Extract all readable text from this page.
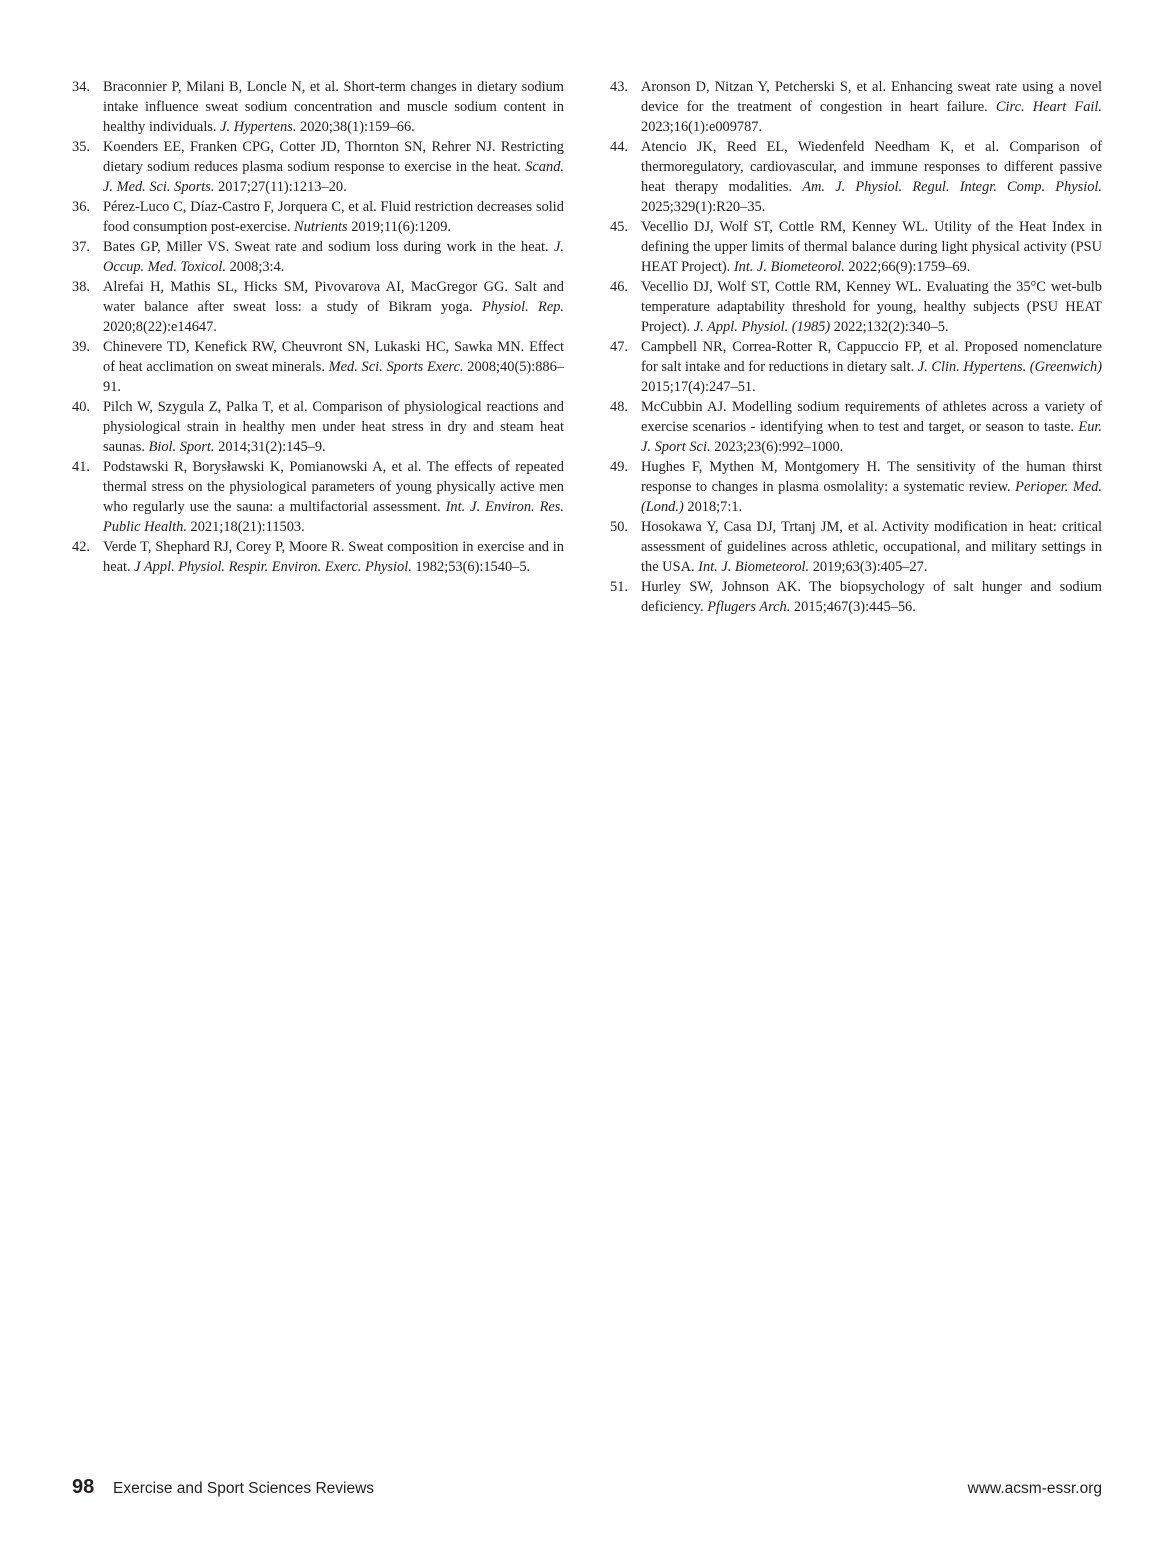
34. Braconnier P, Milani B, Loncle N, et al. Short-term changes in dietary sodium intake influence sweat sodium concentration and muscle sodium content in healthy individuals. J. Hypertens. 2020;38(1):159–66.
35. Koenders EE, Franken CPG, Cotter JD, Thornton SN, Rehrer NJ. Restricting dietary sodium reduces plasma sodium response to exercise in the heat. Scand. J. Med. Sci. Sports. 2017;27(11):1213–20.
36. Pérez-Luco C, Díaz-Castro F, Jorquera C, et al. Fluid restriction decreases solid food consumption post-exercise. Nutrients 2019;11(6):1209.
37. Bates GP, Miller VS. Sweat rate and sodium loss during work in the heat. J. Occup. Med. Toxicol. 2008;3:4.
38. Alrefai H, Mathis SL, Hicks SM, Pivovarova AI, MacGregor GG. Salt and water balance after sweat loss: a study of Bikram yoga. Physiol. Rep. 2020;8(22):e14647.
39. Chinevere TD, Kenefick RW, Cheuvront SN, Lukaski HC, Sawka MN. Effect of heat acclimation on sweat minerals. Med. Sci. Sports Exerc. 2008;40(5):886–91.
40. Pilch W, Szygula Z, Palka T, et al. Comparison of physiological reactions and physiological strain in healthy men under heat stress in dry and steam heat saunas. Biol. Sport. 2014;31(2):145–9.
41. Podstawski R, Borysławski K, Pomianowski A, et al. The effects of repeated thermal stress on the physiological parameters of young physically active men who regularly use the sauna: a multifactorial assessment. Int. J. Environ. Res. Public Health. 2021;18(21):11503.
42. Verde T, Shephard RJ, Corey P, Moore R. Sweat composition in exercise and in heat. J Appl. Physiol. Respir. Environ. Exerc. Physiol. 1982;53(6):1540–5.
43. Aronson D, Nitzan Y, Petcherski S, et al. Enhancing sweat rate using a novel device for the treatment of congestion in heart failure. Circ. Heart Fail. 2023;16(1):e009787.
44. Atencio JK, Reed EL, Wiedenfeld Needham K, et al. Comparison of thermoregulatory, cardiovascular, and immune responses to different passive heat therapy modalities. Am. J. Physiol. Regul. Integr. Comp. Physiol. 2025;329(1):R20–35.
45. Vecellio DJ, Wolf ST, Cottle RM, Kenney WL. Utility of the Heat Index in defining the upper limits of thermal balance during light physical activity (PSU HEAT Project). Int. J. Biometeorol. 2022;66(9):1759–69.
46. Vecellio DJ, Wolf ST, Cottle RM, Kenney WL. Evaluating the 35°C wet-bulb temperature adaptability threshold for young, healthy subjects (PSU HEAT Project). J. Appl. Physiol. (1985) 2022;132(2):340–5.
47. Campbell NR, Correa-Rotter R, Cappuccio FP, et al. Proposed nomenclature for salt intake and for reductions in dietary salt. J. Clin. Hypertens. (Greenwich) 2015;17(4):247–51.
48. McCubbin AJ. Modelling sodium requirements of athletes across a variety of exercise scenarios - identifying when to test and target, or season to taste. Eur. J. Sport Sci. 2023;23(6):992–1000.
49. Hughes F, Mythen M, Montgomery H. The sensitivity of the human thirst response to changes in plasma osmolality: a systematic review. Perioper. Med. (Lond.) 2018;7:1.
50. Hosokawa Y, Casa DJ, Trtanj JM, et al. Activity modification in heat: critical assessment of guidelines across athletic, occupational, and military settings in the USA. Int. J. Biometeorol. 2019;63(3):405–27.
51. Hurley SW, Johnson AK. The biopsychology of salt hunger and sodium deficiency. Pflugers Arch. 2015;467(3):445–56.
98 Exercise and Sport Sciences Reviews	www.acsm-essr.org
